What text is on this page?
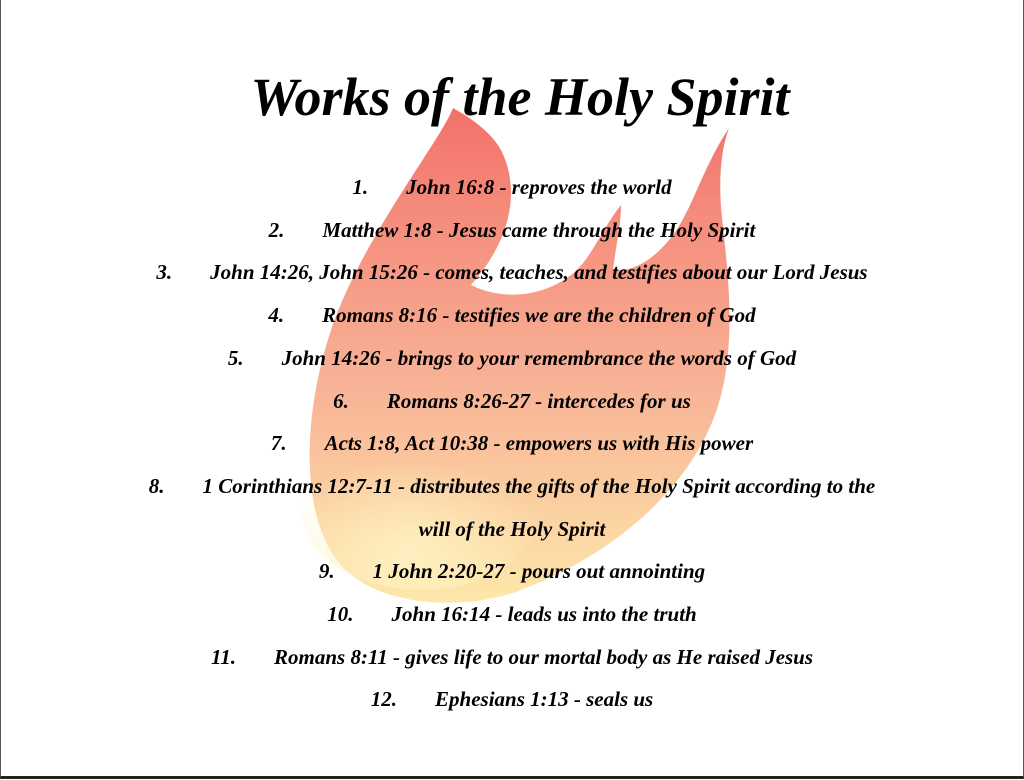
Works of the Holy Spirit
1. John 16:8 - reproves the world
2. Matthew 1:8 - Jesus came through the Holy Spirit
3. John 14:26, John 15:26 - comes, teaches, and testifies about our Lord Jesus
4. Romans 8:16 - testifies we are the children of God
5. John 14:26 - brings to your remembrance the words of God
6. Romans 8:26-27 - intercedes for us
7. Acts 1:8, Act 10:38 - empowers us with His power
8. 1 Corinthians 12:7-11 - distributes the gifts of the Holy Spirit according to the
will of the Holy Spirit
9. 1 John 2:20-27 - pours out annointing
10. John 16:14 - leads us into the truth
11. Romans 8:11 - gives life to our mortal body as He raised Jesus
12. Ephesians 1:13 - seals us
